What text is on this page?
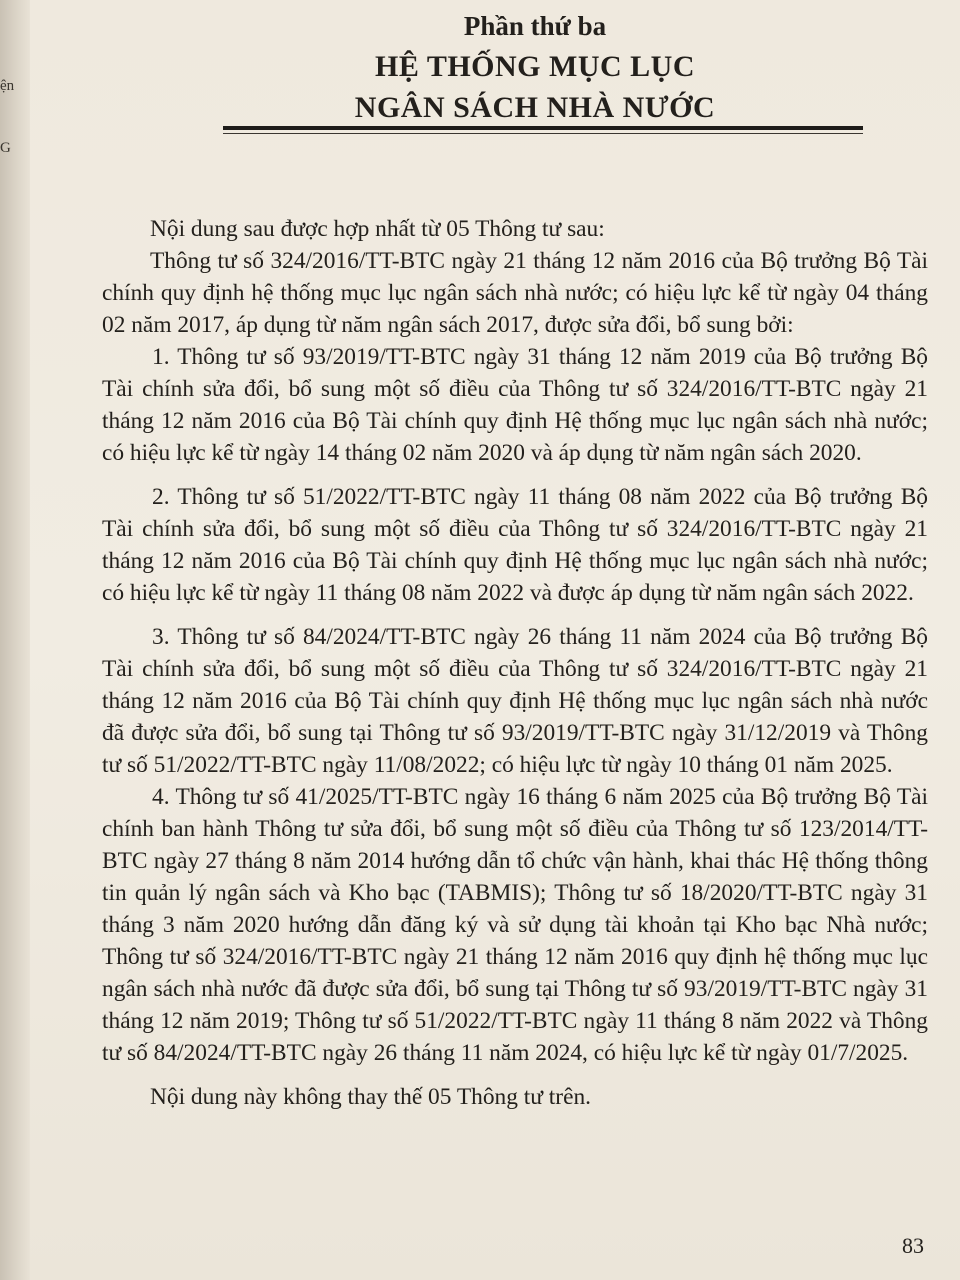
ện
G
Phần thứ ba
HỆ THỐNG MỤC LỤC
NGÂN SÁCH NHÀ NƯỚC

Nội dung sau được hợp nhất từ 05 Thông tư sau:

Thông tư số 324/2016/TT-BTC ngày 21 tháng 12 năm 2016 của Bộ trưởng Bộ Tài chính quy định hệ thống mục lục ngân sách nhà nước; có hiệu lực kể từ ngày 04 tháng 02 năm 2017, áp dụng từ năm ngân sách 2017, được sửa đổi, bổ sung bởi:

1. Thông tư số 93/2019/TT-BTC ngày 31 tháng 12 năm 2019 của Bộ trưởng Bộ Tài chính sửa đổi, bổ sung một số điều của Thông tư số 324/2016/TT-BTC ngày 21 tháng 12 năm 2016 của Bộ Tài chính quy định Hệ thống mục lục ngân sách nhà nước; có hiệu lực kể từ ngày 14 tháng 02 năm 2020 và áp dụng từ năm ngân sách 2020.

2. Thông tư số 51/2022/TT-BTC ngày 11 tháng 08 năm 2022 của Bộ trưởng Bộ Tài chính sửa đổi, bổ sung một số điều của Thông tư số 324/2016/TT-BTC ngày 21 tháng 12 năm 2016 của Bộ Tài chính quy định Hệ thống mục lục ngân sách nhà nước; có hiệu lực kể từ ngày 11 tháng 08 năm 2022 và được áp dụng từ năm ngân sách 2022.

3. Thông tư số 84/2024/TT-BTC ngày 26 tháng 11 năm 2024 của Bộ trưởng Bộ Tài chính sửa đổi, bổ sung một số điều của Thông tư số 324/2016/TT-BTC ngày 21 tháng 12 năm 2016 của Bộ Tài chính quy định Hệ thống mục lục ngân sách nhà nước đã được sửa đổi, bổ sung tại Thông tư số 93/2019/TT-BTC ngày 31/12/2019 và Thông tư số 51/2022/TT-BTC ngày 11/08/2022; có hiệu lực từ ngày 10 tháng 01 năm 2025.

4. Thông tư số 41/2025/TT-BTC ngày 16 tháng 6 năm 2025 của Bộ trưởng Bộ Tài chính ban hành Thông tư sửa đổi, bổ sung một số điều của Thông tư số 123/2014/TT-BTC ngày 27 tháng 8 năm 2014 hướng dẫn tổ chức vận hành, khai thác Hệ thống thông tin quản lý ngân sách và Kho bạc (TABMIS); Thông tư số 18/2020/TT-BTC ngày 31 tháng 3 năm 2020 hướng dẫn đăng ký và sử dụng tài khoản tại Kho bạc Nhà nước; Thông tư số 324/2016/TT-BTC ngày 21 tháng 12 năm 2016 quy định hệ thống mục lục ngân sách nhà nước đã được sửa đổi, bổ sung tại Thông tư số 93/2019/TT-BTC ngày 31 tháng 12 năm 2019; Thông tư số 51/2022/TT-BTC ngày 11 tháng 8 năm 2022 và Thông tư số 84/2024/TT-BTC ngày 26 tháng 11 năm 2024, có hiệu lực kể từ ngày 01/7/2025.

Nội dung này không thay thế 05 Thông tư trên.

83
